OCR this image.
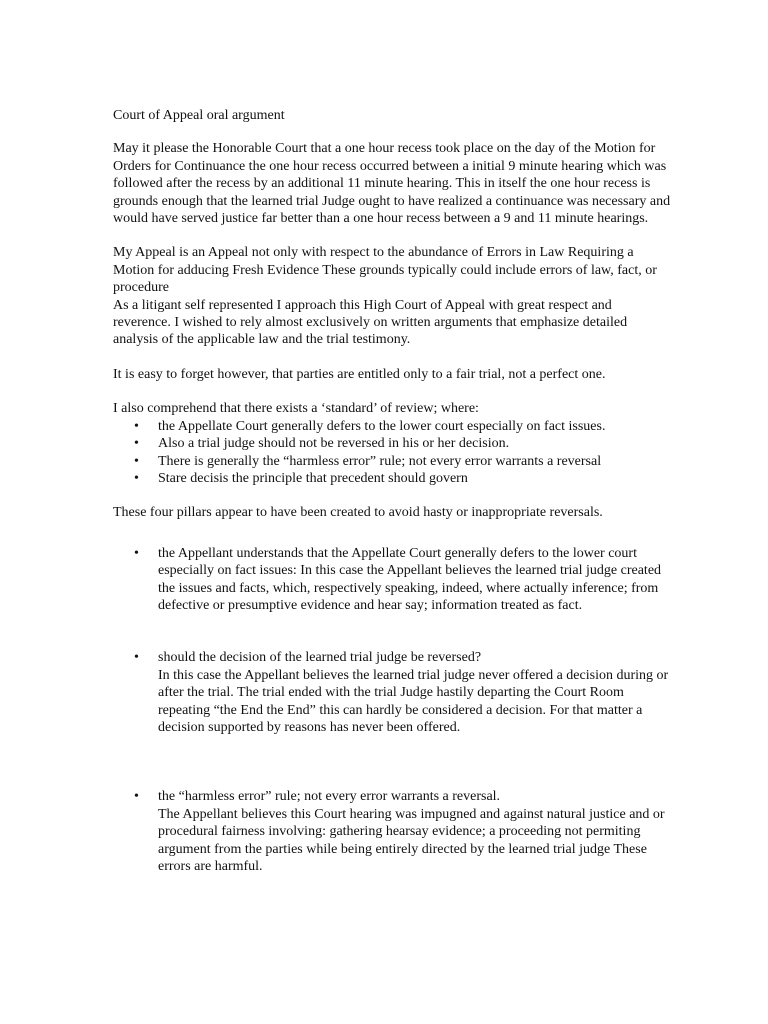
Court of Appeal oral argument

May it please the Honorable Court that a one hour recess took place on the day of the Motion for Orders for Continuance the one hour recess occurred between a initial 9 minute hearing which was followed after the recess by an additional 11 minute hearing. This in itself the one hour recess is grounds enough that the learned trial Judge ought to have realized a continuance was necessary and would have served justice far better than a one hour recess between a 9 and 11 minute hearings.

My Appeal is an Appeal not only with respect to the abundance of Errors in Law Requiring a Motion for adducing Fresh Evidence These grounds typically could include errors of law, fact, or procedure

As a litigant self represented I approach this High Court of Appeal with great respect and reverence. I wished to rely almost exclusively on written arguments that emphasize detailed analysis of the applicable law and the trial testimony.

It is easy to forget however, that parties are entitled only to a fair trial, not a perfect one.

I also comprehend that there exists a ‘standard’ of review; where:

• the Appellate Court generally defers to the lower court especially on fact issues.
• Also a trial judge should not be reversed in his or her decision.
• There is generally the “harmless error” rule; not every error warrants a reversal
• Stare decisis the principle that precedent should govern

These four pillars appear to have been created to avoid hasty or inappropriate reversals.

• the Appellant understands that the Appellate Court generally defers to the lower court especially on fact issues: In this case the Appellant believes the learned trial judge created the issues and facts, which, respectively speaking, indeed, where actually inference; from defective or presumptive evidence and hear say; information treated as fact.
• should the decision of the learned trial judge be reversed?
In this case the Appellant believes the learned trial judge never offered a decision during or after the trial. The trial ended with the trial Judge hastily departing the Court Room repeating “the End the End” this can hardly be considered a decision. For that matter a decision supported by reasons has never been offered.
• the “harmless error” rule; not every error warrants a reversal.
The Appellant believes this Court hearing was impugned and against natural justice and or procedural fairness involving: gathering hearsay evidence; a proceeding not permiting argument from the parties while being entirely directed by the learned trial judge These errors are harmful.
